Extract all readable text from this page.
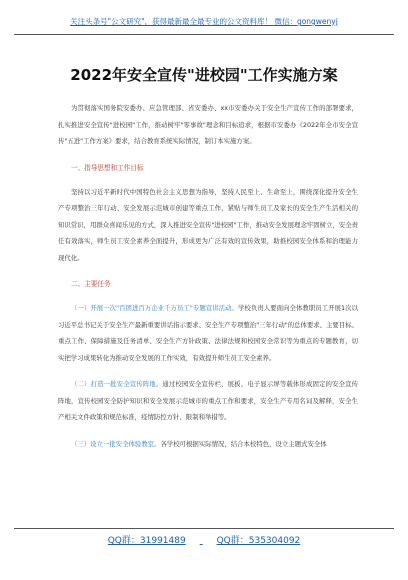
关注头条号"公文研究"，获得最新最全最专业的公文资料库！ 微信：gongwenyj
2022年安全宣传"进校园"工作实施方案

为贯彻落实国务院安委办、应急管理部、省安委办、xx市安委办关于安全生产宣传工作的部署要求，扎实推进安全宣传"进校园"工作，推动树牢"零事故"理念和目标追求，根据市安委办《2022年全市安全宣传"五进"工作方案》要求，结合教育系统实际情况，制订本实施方案。

一、指导思想和工作目标

坚持以习近平新时代中国特色社会主义思想为指导，坚持人民至上、生命至上，围绕深化提升安全生产专项整治三年行动、安全发展示范城市创建等重点工作，紧贴与师生员工及家长的安全生产生活相关的知识常识，用群众喜闻乐见的方式，深入推进安全宣传"进校园"工作，推动安全发展理念牢固树立，安全责任有效落实，师生员工安全素养全面提升，形成更为广泛有效的宣传效果，助推校园安全体系和治理能力现代化。

二、主要任务

（一）开展一次"百团进百万企业千万员工"专题宣讲活动。学校负责人要面向全体教职员工开展1次以习近平总书记关于安全生产最新重要讲话指示要求、安全生产专项整治"三年行动"的总体要求、主要目标、重点工作、保障措施及任务清单、安全生产方针政策、法律法规和校园安全常识等为重点的专题教育，切实把学习成果转化为推动安全发展的工作实效，有效提升师生员工安全素养。

（二）打造一批安全宣传阵地。通过校园安全宣传栏、展板、电子显示屏等载体形成固定的安全宣传阵地，宣传校园安全防护知识和安全发展示范城市的重点工作和要求，安全生产专用名词及解释，安全生产相关文件政策和规范标准，疫情防控方针、限制和举措等。

（三）设立一批安全体验教室。各学校可根据实际情况，结合本校特色，设立主题式安全体

QQ群：31991489	QQ群：535304092
